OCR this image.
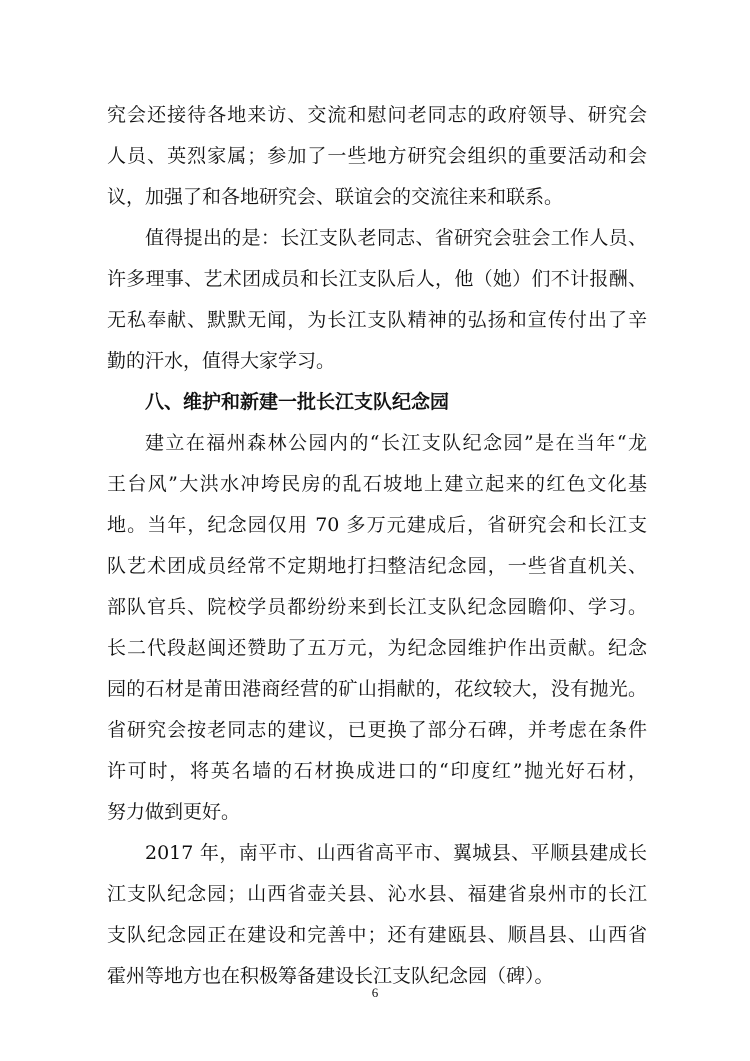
究会还接待各地来访、交流和慰问老同志的政府领导、研究会
人员、英烈家属；参加了一些地方研究会组织的重要活动和会
议，加强了和各地研究会、联谊会的交流往来和联系。
值得提出的是：长江支队老同志、省研究会驻会工作人员、
许多理事、艺术团成员和长江支队后人，他（她）们不计报酬、
无私奉献、默默无闻，为长江支队精神的弘扬和宣传付出了辛
勤的汗水，值得大家学习。
八、维护和新建一批长江支队纪念园
建立在福州森林公园内的“长江支队纪念园”是在当年“龙
王台风”大洪水冲垮民房的乱石坡地上建立起来的红色文化基
地。当年，纪念园仅用 70 多万元建成后，省研究会和长江支
队艺术团成员经常不定期地打扫整洁纪念园，一些省直机关、
部队官兵、院校学员都纷纷来到长江支队纪念园瞻仰、学习。
长二代段赵闽还赞助了五万元，为纪念园维护作出贡献。纪念
园的石材是莆田港商经营的矿山捐献的，花纹较大，没有抛光。
省研究会按老同志的建议，已更换了部分石碑，并考虑在条件
许可时，将英名墙的石材换成进口的“印度红”抛光好石材，
努力做到更好。
2017 年，南平市、山西省高平市、翼城县、平顺县建成长
江支队纪念园；山西省壶关县、沁水县、福建省泉州市的长江
支队纪念园正在建设和完善中；还有建瓯县、顺昌县、山西省
霍州等地方也在积极筹备建设长江支队纪念园（碑）。
6
